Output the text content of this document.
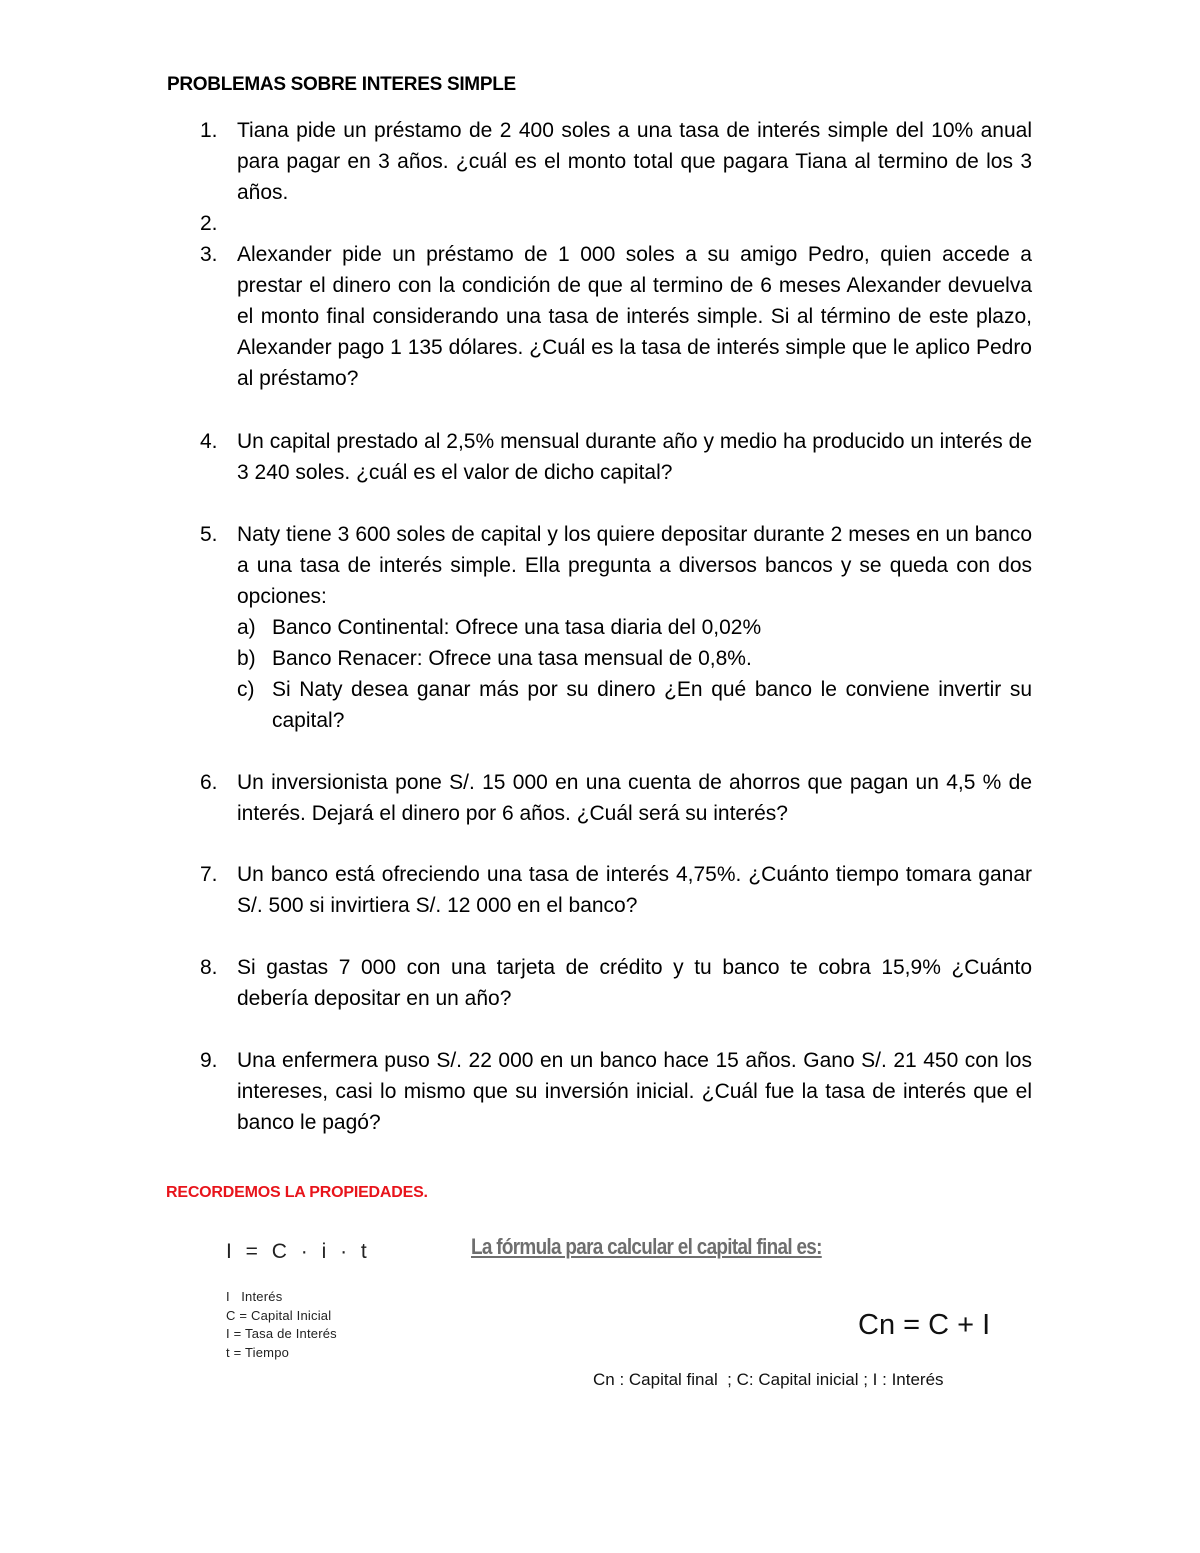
PROBLEMAS SOBRE INTERES SIMPLE
1. Tiana pide un préstamo de 2 400 soles a una tasa de interés simple del 10% anual para pagar en 3 años. ¿cuál es el monto total que pagara Tiana al termino de los 3 años.
2.
3. Alexander pide un préstamo de 1 000 soles a su amigo Pedro, quien accede a prestar el dinero con la condición de que al termino de 6 meses Alexander devuelva el monto final considerando una tasa de interés simple. Si al término de este plazo, Alexander pago 1 135 dólares. ¿Cuál es la tasa de interés simple que le aplico Pedro al préstamo?
4. Un capital prestado al 2,5% mensual durante año y medio ha producido un interés de 3 240 soles. ¿cuál es el valor de dicho capital?
5. Naty tiene 3 600 soles de capital y los quiere depositar durante 2 meses en un banco a una tasa de interés simple. Ella pregunta a diversos bancos y se queda con dos opciones:
a) Banco Continental: Ofrece una tasa diaria del 0,02%
b) Banco Renacer: Ofrece una tasa mensual de 0,8%.
c) Si Naty desea ganar más por su dinero ¿En qué banco le conviene invertir su capital?
6. Un inversionista pone S/. 15 000 en una cuenta de ahorros que pagan un 4,5 % de interés. Dejará el dinero por 6 años. ¿Cuál será su interés?
7. Un banco está ofreciendo una tasa de interés 4,75%. ¿Cuánto tiempo tomara ganar S/. 500 si invirtiera S/. 12 000 en el banco?
8. Si gastas 7 000 con una tarjeta de crédito y tu banco te cobra 15,9% ¿Cuánto debería depositar en un año?
9. Una enfermera puso S/. 22 000 en un banco hace 15 años. Gano S/. 21 450 con los intereses, casi lo mismo que su inversión inicial. ¿Cuál fue la tasa de interés que el banco le pagó?
RECORDEMOS LA PROPIEDADES.
I = C · i · t
I   Interés
C = Capital Inicial
I = Tasa de Interés
t = Tiempo
La fórmula para calcular el capital final es:
Cn = C + I
Cn : Capital final  ; C: Capital inicial ; I : Interés
